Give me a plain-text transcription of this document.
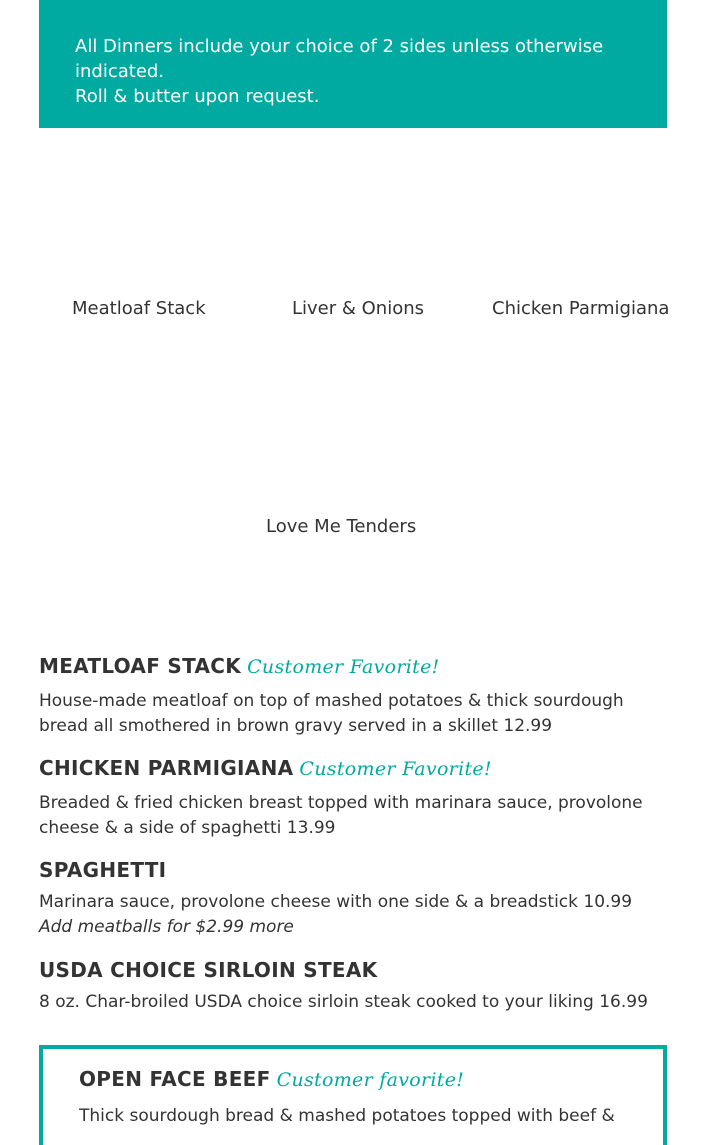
All Dinners include your choice of 2 sides unless otherwise indicated.

Roll & butter upon request.

Meatloaf Stack	Liver & Onions	Chicken Parmigiana
Love Me Tenders
MEATLOAF STACK Customer Favorite!

House-made meatloaf on top of mashed potatoes & thick sourdough bread all smothered in brown gravy served in a skillet 12.99

CHICKEN PARMIGIANA Customer Favorite!

Breaded & fried chicken breast topped with marinara sauce, provolone cheese & a side of spaghetti 13.99

SPAGHETTI

Marinara sauce, provolone cheese with one side & a breadstick 10.99

Add meatballs for $2.99 more

USDA CHOICE SIRLOIN STEAK

8 oz. Char-broiled USDA choice sirloin steak cooked to your liking 16.99

OPEN FACE BEEF Customer favorite!

Thick sourdough bread & mashed potatoes topped with beef &
